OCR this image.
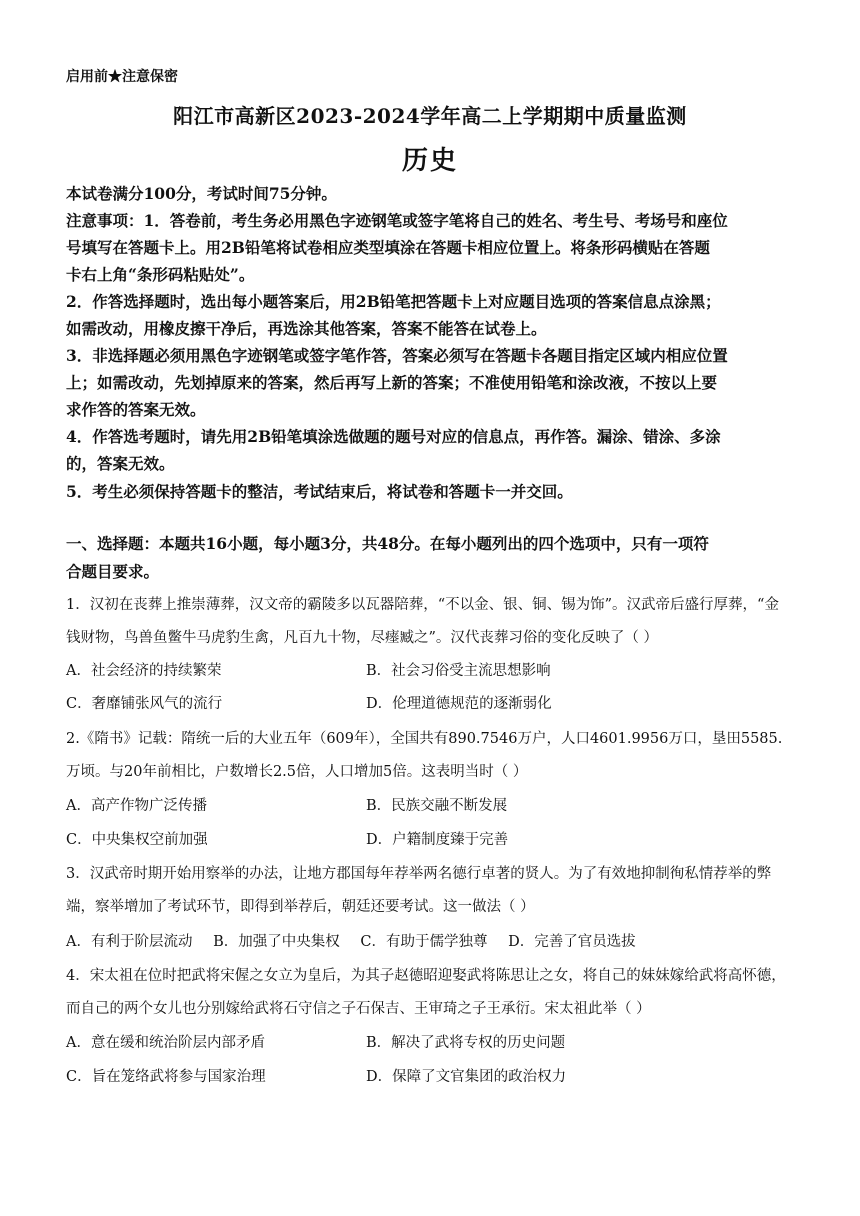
启用前★注意保密
阳江市高新区2023-2024学年高二上学期期中质量监测
历史
本试卷满分100分，考试时间75分钟。
注意事项：1．答卷前，考生务必用黑色字迹钢笔或签字笔将自己的姓名、考生号、考场号和座位
号填写在答题卡上。用2B铅笔将试卷相应类型填涂在答题卡相应位置上。将条形码横贴在答题
卡右上角“条形码粘贴处”。
2．作答选择题时，选出每小题答案后，用2B铅笔把答题卡上对应题目选项的答案信息点涂黑；
如需改动，用橡皮擦干净后，再选涂其他答案，答案不能答在试卷上。
3．非选择题必须用黑色字迹钢笔或签字笔作答，答案必须写在答题卡各题目指定区域内相应位置
上；如需改动，先划掉原来的答案，然后再写上新的答案；不准使用铅笔和涂改液，不按以上要
求作答的答案无效。
4．作答选考题时，请先用2B铅笔填涂选做题的题号对应的信息点，再作答。漏涂、错涂、多涂
的，答案无效。
5．考生必须保持答题卡的整洁，考试结束后，将试卷和答题卡一并交回。
一、选择题：本题共16小题，每小题3分，共48分。在每小题列出的四个选项中，只有一项符
合题目要求。
1．汉初在丧葬上推崇薄葬，汉文帝的霸陵多以瓦器陪葬，“不以金、银、铜、锡为饰”。汉武帝后盛行厚葬，“金
钱财物，鸟兽鱼鳖牛马虎豹生禽，凡百九十物，尽瘗臧之”。汉代丧葬习俗的变化反映了（ ）
A．社会经济的持续繁荣	B．社会习俗受主流思想影响
C．奢靡铺张风气的流行	D．伦理道德规范的逐渐弱化
2.《隋书》记载：隋统一后的大业五年（609年），全国共有890.7546万户，人口4601.9956万口，垦田5585.
万顷。与20年前相比，户数增长2.5倍，人口增加5倍。这表明当时（ ）
A．高产作物广泛传播	B．民族交融不断发展
C．中央集权空前加强	D．户籍制度臻于完善
3．汉武帝时期开始用察举的办法，让地方郡国每年荐举两名德行卓著的贤人。为了有效地抑制徇私情荐举的弊
端，察举增加了考试环节，即得到举荐后，朝廷还要考试。这一做法（ ）
A．有利于阶层流动 B．加强了中央集权 C．有助于儒学独尊 D．完善了官员选拔
4．宋太祖在位时把武将宋偓之女立为皇后，为其子赵德昭迎娶武将陈思让之女，将自己的妹妹嫁给武将高怀德，
而自己的两个女儿也分别嫁给武将石守信之子石保吉、王审琦之子王承衍。宋太祖此举（ ）
A．意在缓和统治阶层内部矛盾	B．解决了武将专权的历史问题
C．旨在笼络武将参与国家治理	D．保障了文官集团的政治权力
